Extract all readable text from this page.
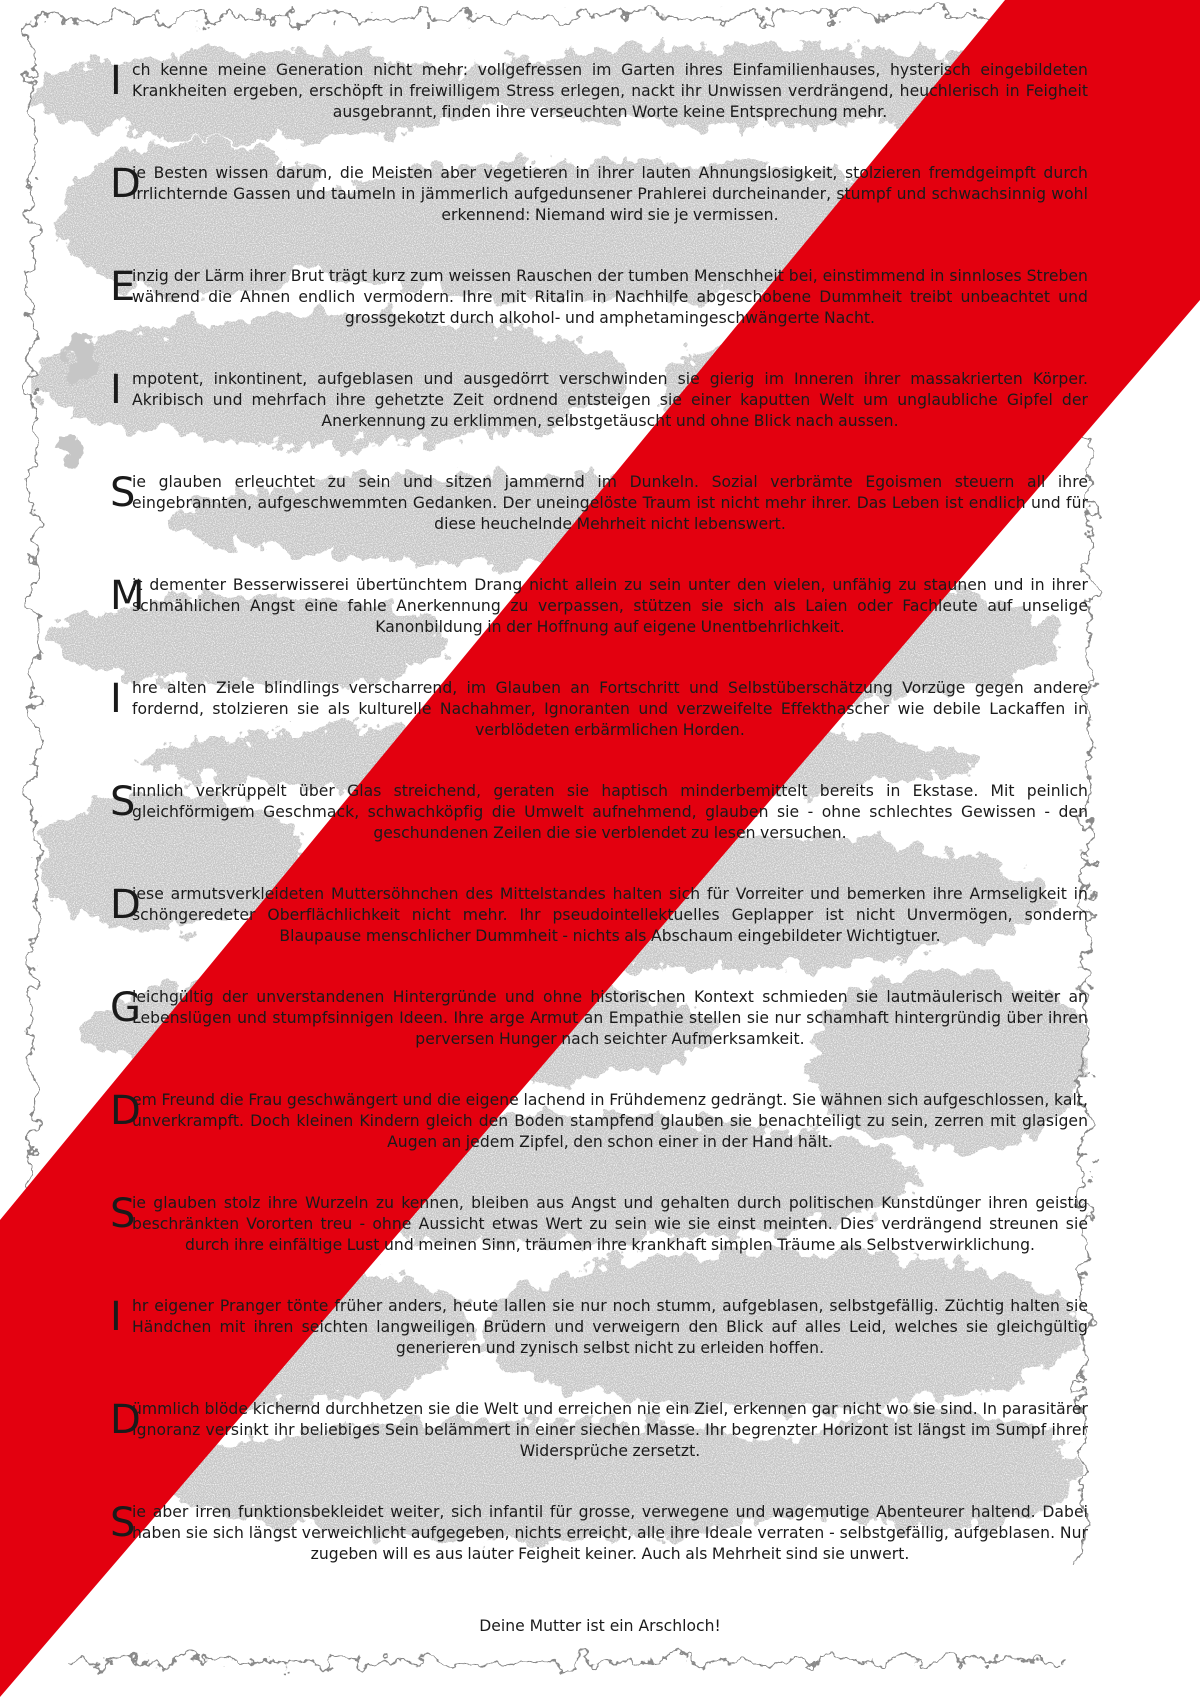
I ch kenne meine Generation nicht mehr: vollgefressen im Garten ihres Einfamilienhauses, hysterisch eingebildeten Krankheiten ergeben, erschöpft in freiwilligem Stress erlegen, nackt ihr Unwissen verdrängend, heuchlerisch in Feigheit ausgebrannt, finden ihre verseuchten Worte keine Entsprechung mehr.
D
ie Besten wissen darum, die Meisten aber vegetieren in ihrer lauten Ahnungslosigkeit, stolzieren fremdgeimpft durch irrlichternde Gassen und taumeln in jämmerlich aufgedunsener Prahlerei durcheinander, stumpf und schwachsinnig wohl erkennend: Niemand wird sie je vermissen.
E
inzig der Lärm ihrer Brut trägt kurz zum weissen Rauschen der tumben Menschheit bei, einstimmend in sinnloses Streben während die Ahnen endlich vermodern. Ihre mit Ritalin in Nachhilfe abgeschobene Dummheit treibt unbeachtet und grossgekotzt durch alkohol- und amphetamingeschwängerte Nacht.
I mpotent, inkontinent, aufgeblasen und ausgedörrt verschwinden sie gierig im Inneren ihrer massakrierten Körper. Akribisch und mehrfach ihre gehetzte Zeit ordnend entsteigen sie einer kaputten Welt um unglaubliche Gipfel der Anerkennung zu erklimmen, selbstgetäuscht und ohne Blick nach aussen.
S
ie glauben erleuchtet zu sein und sitzen jammernd im Dunkeln. Sozial verbrämte Egoismen steuern all ihre eingebrannten, aufgeschwemmten Gedanken. Der uneingelöste Traum ist nicht mehr ihrer. Das Leben ist endlich und für diese heuchelnde Mehrheit nicht lebenswert.
M
it dementer Besserwisserei übertünchtem Drang nicht allein zu sein unter den vielen, unfähig zu staunen und in ihrer schmählichen Angst eine fahle Anerkennung zu verpassen, stützen sie sich als Laien oder Fachleute auf unselige Kanonbildung in der Hoffnung auf eigene Unentbehrlichkeit.
I hre alten Ziele blindlings verscharrend, im Glauben an Fortschritt und Selbstüberschätzung Vorzüge gegen andere fordernd, stolzieren sie als kulturelle Nachahmer, Ignoranten und verzweifelte Effekthascher wie debile Lackaffen in verblödeten erbärmlichen Horden.
S
innlich verkrüppelt über Glas streichend, geraten sie haptisch minderbemittelt bereits in Ekstase. Mit peinlich gleichförmigem Geschmack, schwachköpfig die Umwelt aufnehmend, glauben sie - ohne schlechtes Gewissen - den geschundenen Zeilen die sie verblendet zu lesen versuchen.
D
iese armutsverkleideten Muttersöhnchen des Mittelstandes halten sich für Vorreiter und bemerken ihre Armseligkeit in schöngeredeter Oberflächlichkeit nicht mehr. Ihr pseudointellektuelles Geplapper ist nicht Unvermögen, sondern Blaupause menschlicher Dummheit - nichts als Abschaum eingebildeter Wichtigtuer.
G
leichgültig der unverstandenen Hintergründe und ohne historischen Kontext schmieden sie lautmäulerisch weiter an Lebenslügen und stumpfsinnigen Ideen. Ihre arge Armut an Empathie stellen sie nur schamhaft hintergründig über ihren perversen Hunger nach seichter Aufmerksamkeit.
D
em Freund die Frau geschwängert und die eigene lachend in Frühdemenz gedrängt. Sie wähnen sich aufgeschlossen, kalt, unverkrampft. Doch kleinen Kindern gleich den Boden stampfend glauben sie benachteiligt zu sein, zerren mit glasigen Augen an jedem Zipfel, den schon einer in der Hand hält.
S
ie glauben stolz ihre Wurzeln zu kennen, bleiben aus Angst und gehalten durch politischen Kunstdünger ihren geistig beschränkten Vororten treu - ohne Aussicht etwas Wert zu sein wie sie einst meinten. Dies verdrängend streunen sie durch ihre einfältige Lust und meinen Sinn, träumen ihre krankhaft simplen Träume als Selbstverwirklichung.
I hr eigener Pranger tönte früher anders, heute lallen sie nur noch stumm, aufgeblasen, selbstgefällig. Züchtig halten sie Händchen mit ihren seichten langweiligen Brüdern und verweigern den Blick auf alles Leid, welches sie gleichgültig generieren und zynisch selbst nicht zu erleiden hoffen.
D
ümmlich blöde kichernd durchhetzen sie die Welt und erreichen nie ein Ziel, erkennen gar nicht wo sie sind. In parasitärer Ignoranz versinkt ihr beliebiges Sein belämmert in einer siechen Masse. Ihr begrenzter Horizont ist längst im Sumpf ihrer Widersprüche zersetzt.
S
ie aber irren funktionsbekleidet weiter, sich infantil für grosse, verwegene und wagemutige Abenteurer haltend. Dabei haben sie sich längst verweichlicht aufgegeben, nichts erreicht, alle ihre Ideale verraten - selbstgefällig, aufgeblasen. Nur zugeben will es aus lauter Feigheit keiner. Auch als Mehrheit sind sie unwert.
Deine Mutter ist ein Arschloch!
